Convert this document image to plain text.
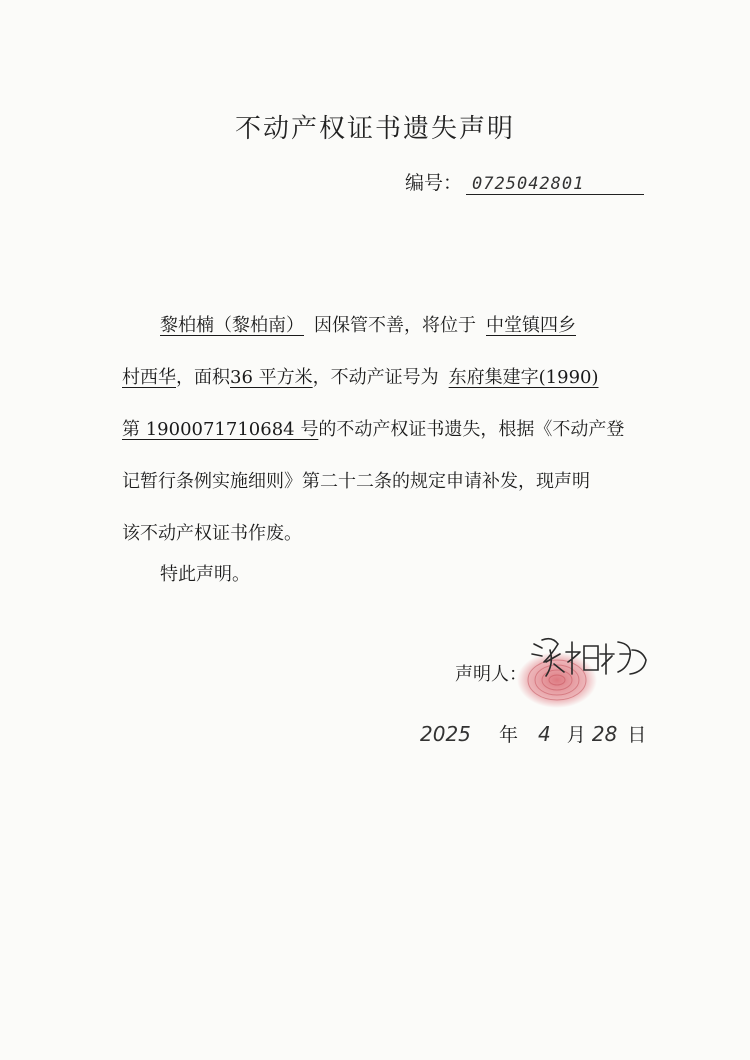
不动产权证书遗失声明
编号： 0725042801
黎柏楠（黎柏南） 因保管不善，将位于 中堂镇四乡
村西华，面积36 平方米，不动产证号为 东府集建字(1990)
第 1900071710684 号的不动产权证书遗失，根据《不动产登
记暂行条例实施细则》第二十二条的规定申请补发，现声明
该不动产权证书作废。
特此声明。
声明人：
2025 年 4 月 28 日
